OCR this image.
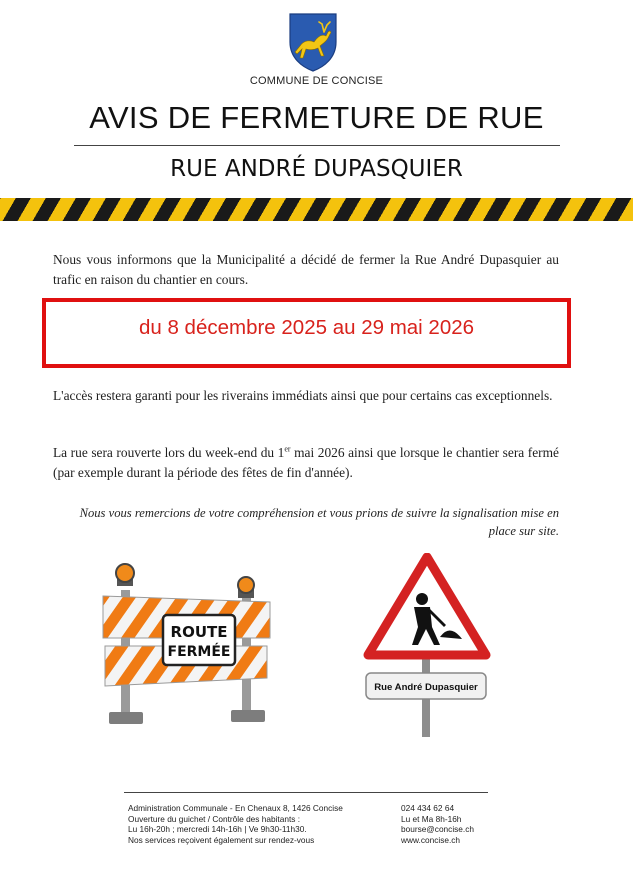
COMMUNE DE CONCISE
AVIS DE FERMETURE DE RUE
RUE ANDRÉ DUPASQUIER
Nous vous informons que la Municipalité a décidé de fermer la Rue André Dupasquier au trafic en raison du chantier en cours.
du 8 décembre 2025 au 29 mai 2026
L'accès restera garanti pour les riverains immédiats ainsi que pour certains cas exceptionnels.
La rue sera rouverte lors du week-end du 1er mai 2026 ainsi que lorsque le chantier sera fermé (par exemple durant la période des fêtes de fin d'année).
Nous vous remercions de votre compréhension et vous prions de suivre la signalisation mise en place sur site.
ROUTE
FERMÉE
Rue André Dupasquier
Administration Communale - En Chenaux 8, 1426 Concise
Ouverture du guichet / Contrôle des habitants :
Lu 16h-20h ; mercredi 14h-16h | Ve 9h30-11h30.
Nos services reçoivent également sur rendez-vous
024 434 62 64
Lu et Ma 8h-16h
bourse@concise.ch
www.concise.ch
